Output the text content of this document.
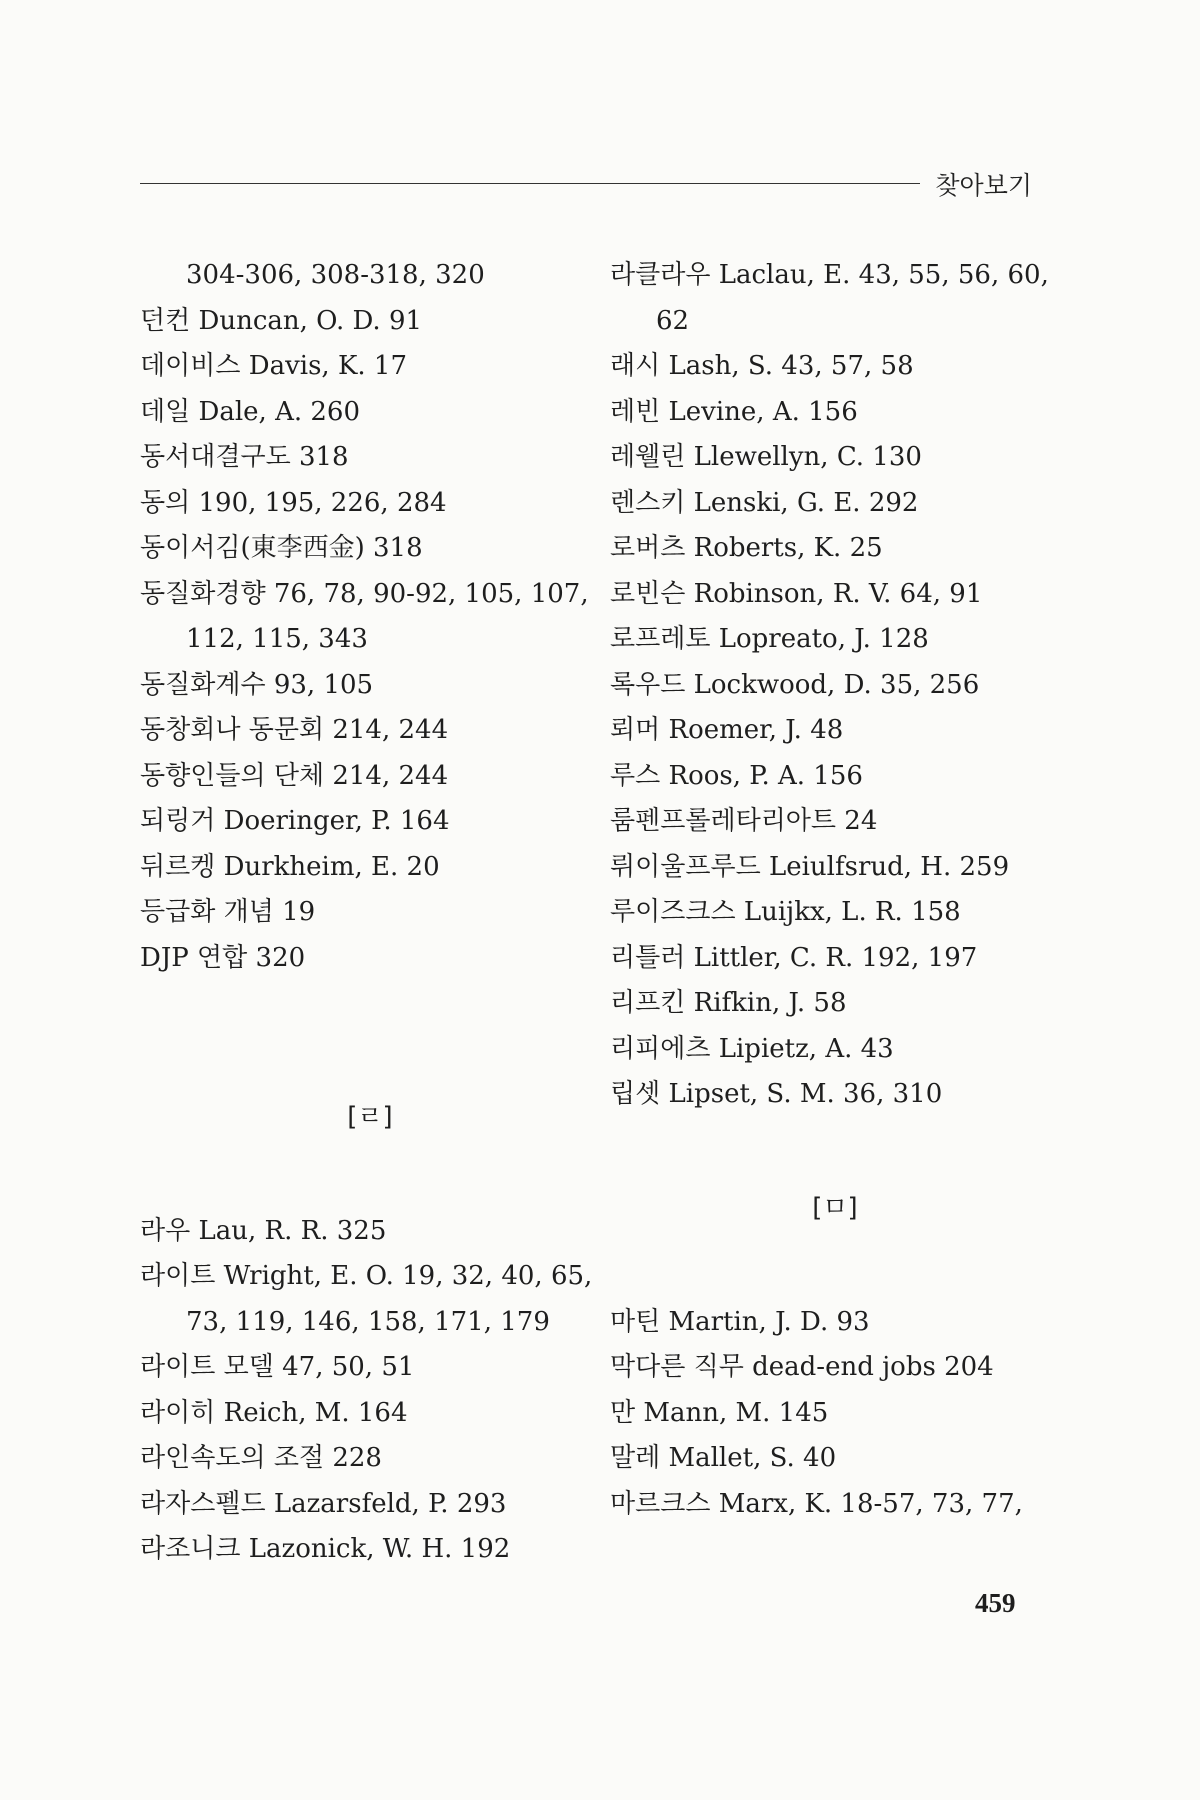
찾아보기
304-306, 308-318, 320
던컨 Duncan, O. D. 91
데이비스 Davis, K. 17
데일 Dale, A. 260
동서대결구도 318
동의 190, 195, 226, 284
동이서김(東李西金) 318
동질화경향 76, 78, 90-92, 105, 107,
112, 115, 343
동질화계수 93, 105
동창회나 동문회 214, 244
동향인들의 단체 214, 244
되링거 Doeringer, P. 164
뒤르켕 Durkheim, E. 20
등급화 개념 19
DJP 연합 320
[ㄹ]
라우 Lau, R. R. 325
라이트 Wright, E. O. 19, 32, 40, 65,
73, 119, 146, 158, 171, 179
라이트 모델 47, 50, 51
라이히 Reich, M. 164
라인속도의 조절 228
라자스펠드 Lazarsfeld, P. 293
라조니크 Lazonick, W. H. 192
라클라우 Laclau, E. 43, 55, 56, 60,
62
래시 Lash, S. 43, 57, 58
레빈 Levine, A. 156
레웰린 Llewellyn, C. 130
렌스키 Lenski, G. E. 292
로버츠 Roberts, K. 25
로빈슨 Robinson, R. V. 64, 91
로프레토 Lopreato, J. 128
록우드 Lockwood, D. 35, 256
뢰머 Roemer, J. 48
루스 Roos, P. A. 156
룸펜프롤레타리아트 24
뤼이울프루드 Leiulfsrud, H. 259
루이즈크스 Luijkx, L. R. 158
리틀러 Littler, C. R. 192, 197
리프킨 Rifkin, J. 58
리피에츠 Lipietz, A. 43
립셋 Lipset, S. M. 36, 310
[ㅁ]
마틴 Martin, J. D. 93
막다른 직무 dead-end jobs 204
만 Mann, M. 145
말레 Mallet, S. 40
마르크스 Marx, K. 18-57, 73, 77,
459
